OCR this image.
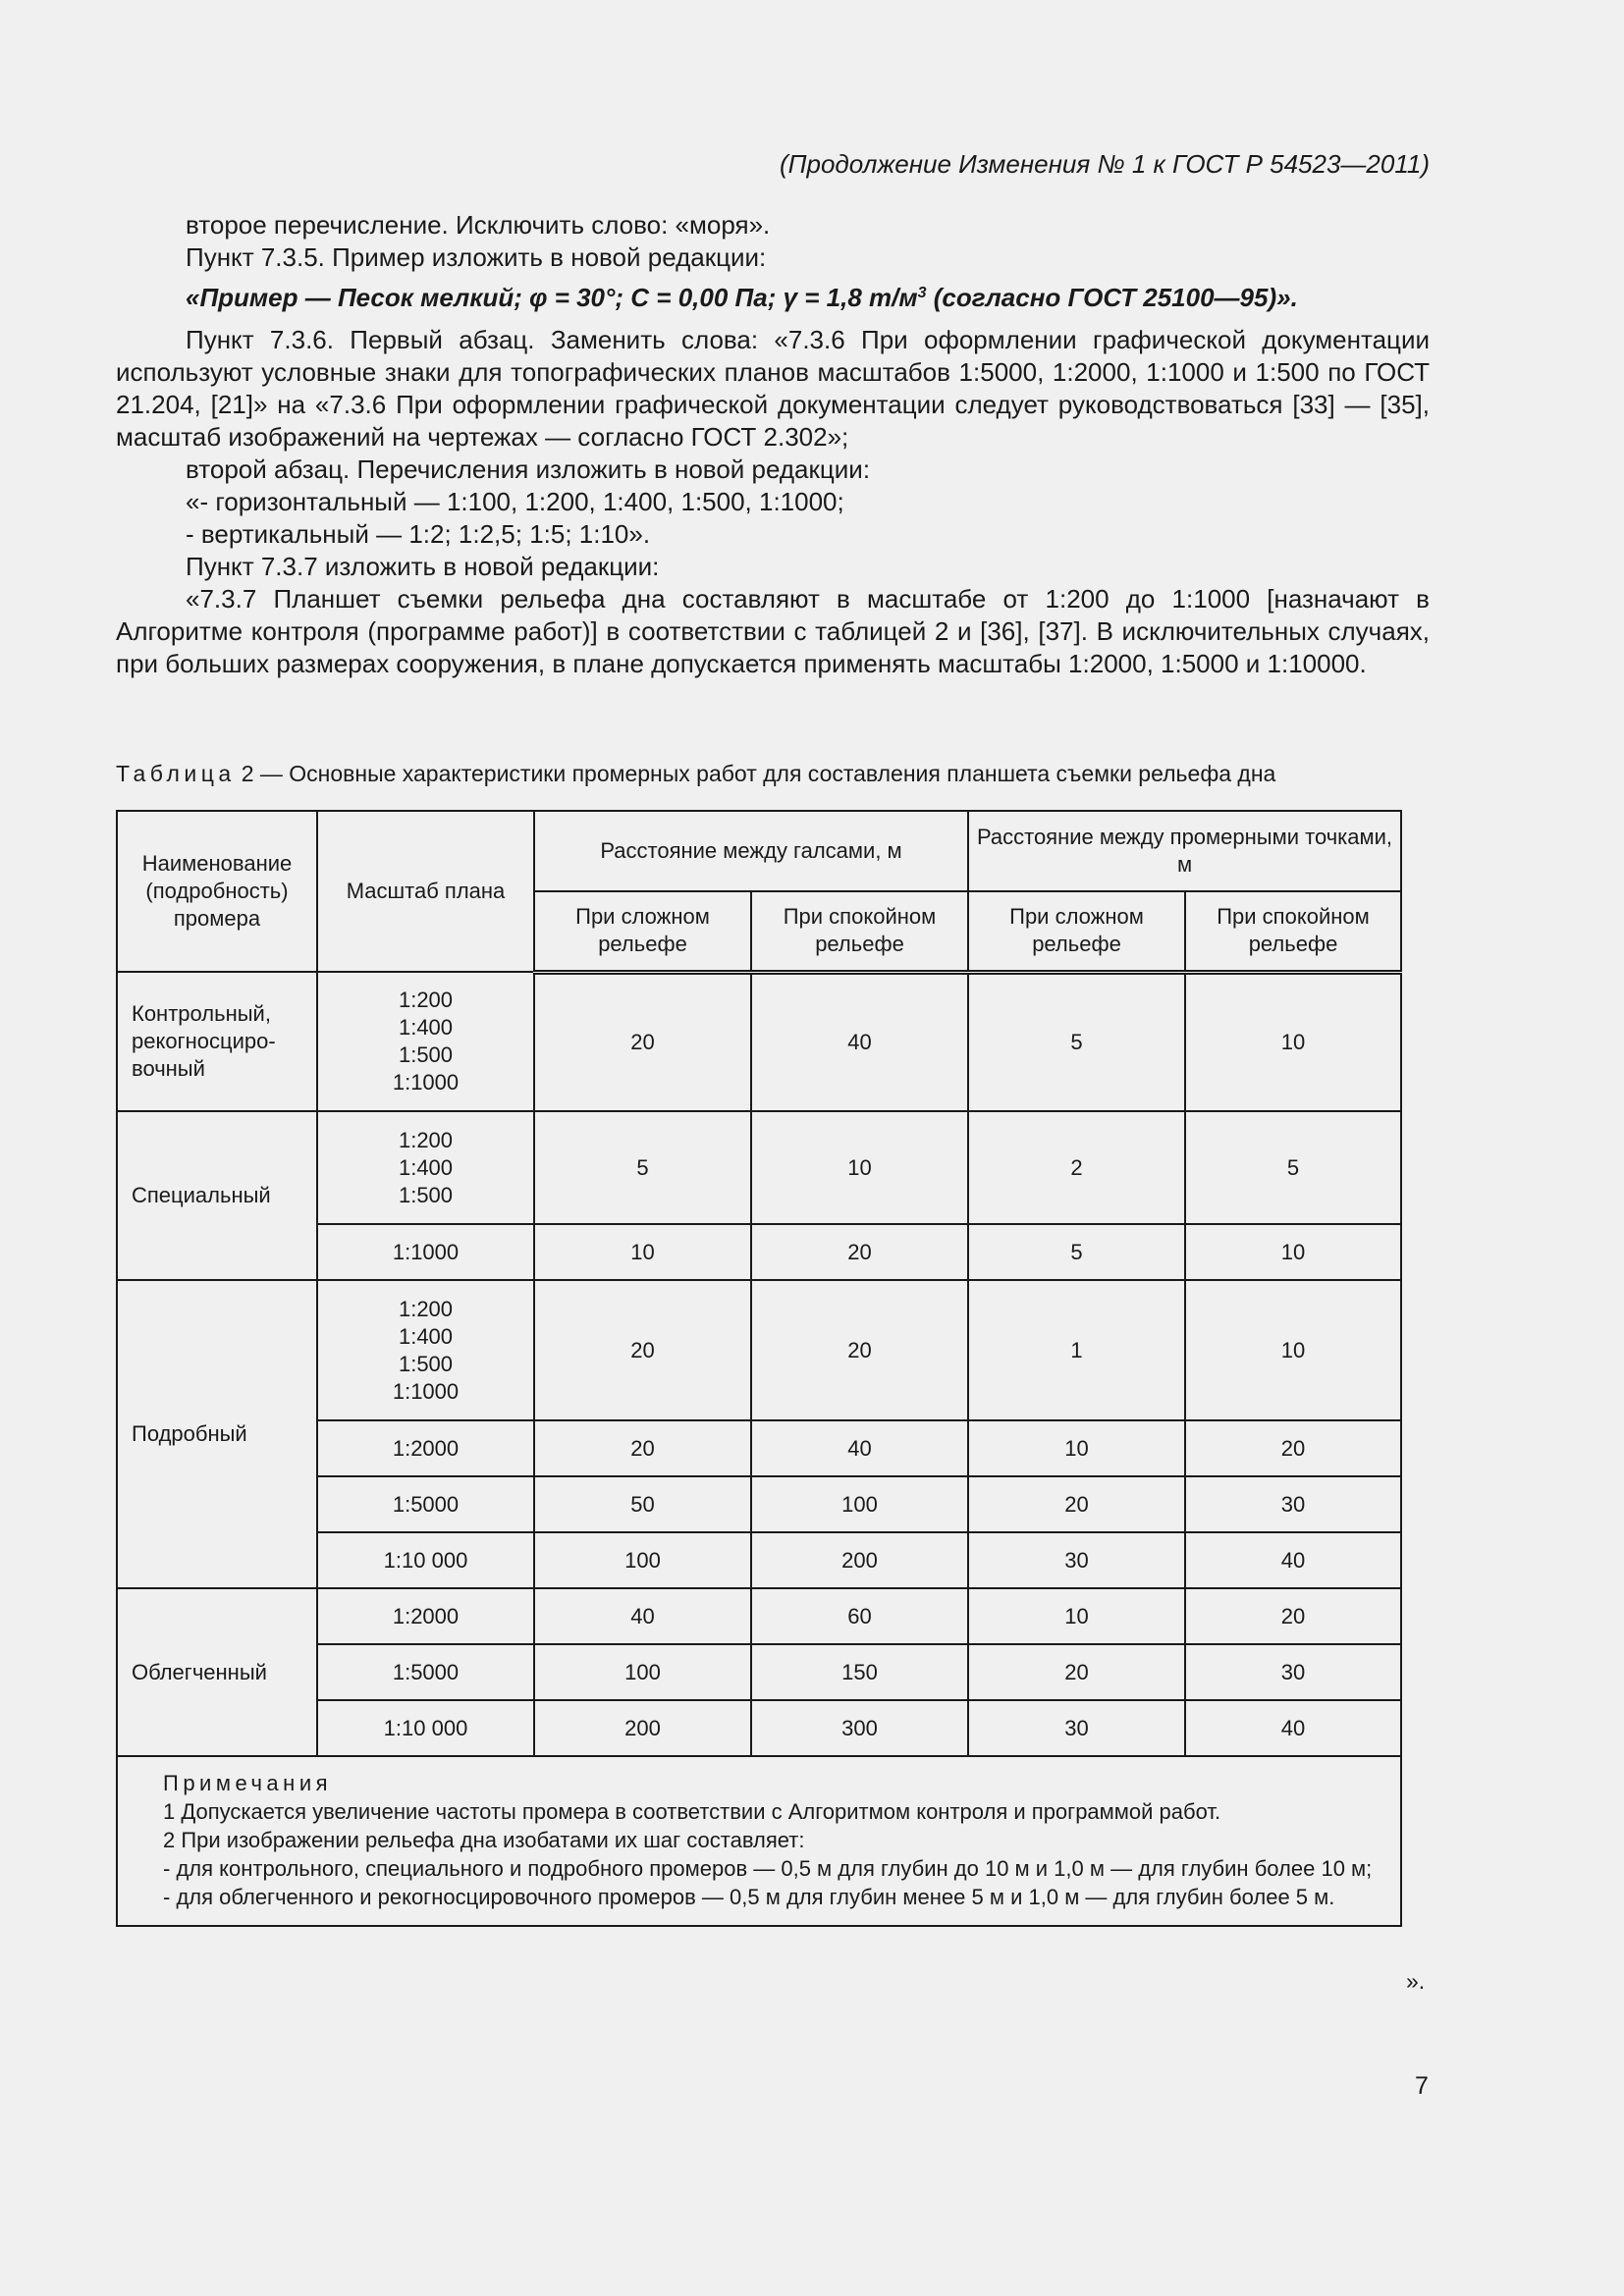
(Продолжение Изменения № 1 к ГОСТ Р 54523—2011)

второе перечисление. Исключить слово: «моря».

Пункт 7.3.5. Пример изложить в новой редакции:

«Пример — Песок мелкий; φ = 30°; С = 0,00 Па; γ = 1,8 $т/м^3$ (согласно ГОСТ 25100—95)».

Пункт 7.3.6. Первый абзац. Заменить слова: «7.3.6 При оформлении графической документации используют условные знаки для топографических планов масштабов 1:5000, 1:2000, 1:1000 и 1:500 по ГОСТ 21.204, [21]» на «7.3.6 При оформлении графической документации следует руководствоваться [33] — [35], масштаб изображений на чертежах — согласно ГОСТ 2.302»;

второй абзац. Перечисления изложить в новой редакции:

«- горизонтальный — 1:100, 1:200, 1:400, 1:500, 1:1000;

- вертикальный — 1:2; 1:2,5; 1:5; 1:10».

Пункт 7.3.7 изложить в новой редакции:

«7.3.7 Планшет съемки рельефа дна составляют в масштабе от 1:200 до 1:1000 [назначают в Алгоритме контроля (программе работ)] в соответствии с таблицей 2 и [36], [37]. В исключительных случаях, при больших размерах сооружения, в плане допускается применять масштабы 1:2000, 1:5000 и 1:10000.

Таблица 2 — Основные характеристики промерных работ для составления планшета съемки рельефа дна
Наименование (подробность) промера	Масштаб плана	Расстояние между галсами, м		Расстояние между промерными точками, м	
		При сложном рельефе	При спокойном рельефе	При сложном рельефе	При спокойном рельефе
Контрольный, рекогносциро-вочный	1:200
1:400
1:500
1:1000	20	40	5	10
Специальный	1:200
1:400
1:500	5	10	2	5
	1:1000	10	20	5	10
Подробный	1:200
1:400
1:500
1:1000	20	20	1	10
	1:2000	20	40	10	20
	1:5000	50	100	20	30
	1:10 000	100	200	30	40
Облегченный	1:2000	40	60	10	20
	1:5000	100	150	20	30
	1:10 000	200	300	30	40

Примечания
1 Допускается увеличение частоты промера в соответствии с Алгоритмом контроля и программой работ.
2 При изображении рельефа дна изобатами их шаг составляет:
- для контрольного, специального и подробного промеров — 0,5 м для глубин до 10 м и 1,0 м — для глубин более 10 м;
- для облегченного и рекогносцировочного промеров — 0,5 м для глубин менее 5 м и 1,0 м — для глубин более 5 м.					
».
7
